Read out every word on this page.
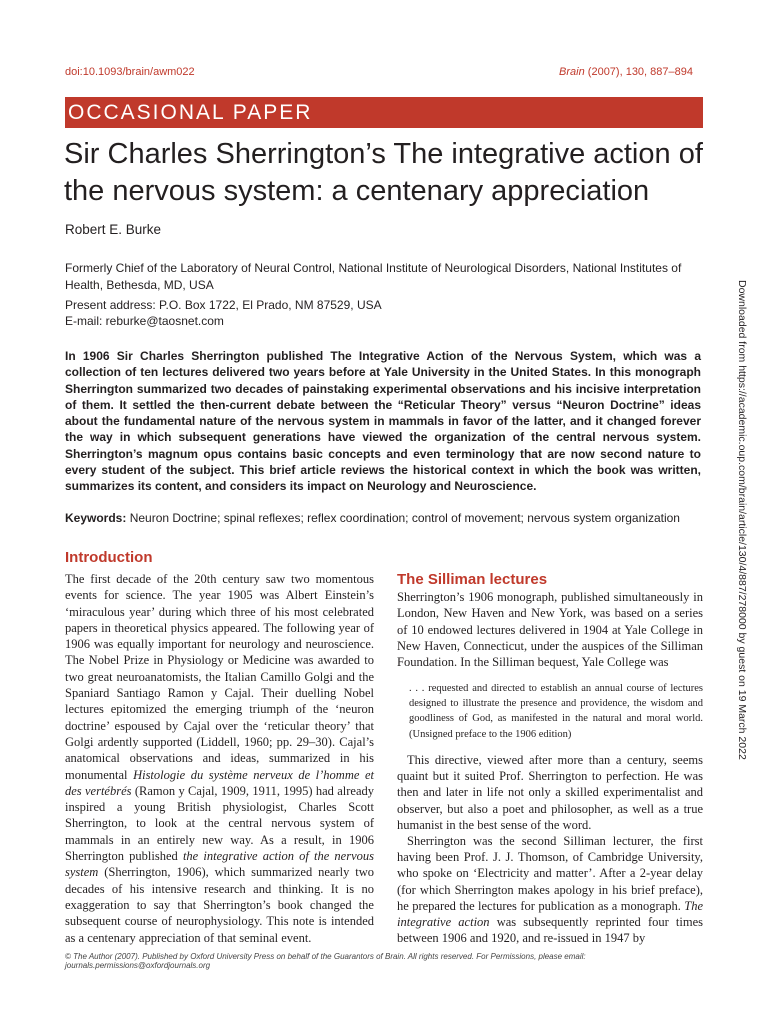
doi:10.1093/brain/awm022	Brain (2007), 130, 887–894
OCCASIONAL PAPER
Sir Charles Sherrington’s The integrative action of the nervous system: a centenary appreciation
Robert E. Burke
Formerly Chief of the Laboratory of Neural Control, National Institute of Neurological Disorders, National Institutes of Health, Bethesda, MD, USA
Present address: P.O. Box 1722, El Prado, NM 87529, USA
E-mail: reburke@taosnet.com
In 1906 Sir Charles Sherrington published The Integrative Action of the Nervous System, which was a collection of ten lectures delivered two years before at Yale University in the United States. In this monograph Sherrington summarized two decades of painstaking experimental observations and his incisive interpretation of them. It settled the then-current debate between the “Reticular Theory” versus “Neuron Doctrine” ideas about the fundamental nature of the nervous system in mammals in favor of the latter, and it changed forever the way in which subsequent generations have viewed the organization of the central nervous system. Sherrington’s magnum opus contains basic concepts and even terminology that are now second nature to every student of the subject. This brief article reviews the historical context in which the book was written, summarizes its content, and considers its impact on Neurology and Neuroscience.
Keywords: Neuron Doctrine; spinal reflexes; reflex coordination; control of movement; nervous system organization
Introduction
The first decade of the 20th century saw two momentous events for science. The year 1905 was Albert Einstein’s ‘miraculous year’ during which three of his most celebrated papers in theoretical physics appeared. The following year of 1906 was equally important for neurology and neuroscience. The Nobel Prize in Physiology or Medicine was awarded to two great neuroanatomists, the Italian Camillo Golgi and the Spaniard Santiago Ramon y Cajal. Their duelling Nobel lectures epitomized the emerging triumph of the ‘neuron doctrine’ espoused by Cajal over the ‘reticular theory’ that Golgi ardently supported (Liddell, 1960; pp. 29–30). Cajal’s anatomical observations and ideas, summarized in his monumental Histologie du système nerveux de l’homme et des vertébrés (Ramon y Cajal, 1909, 1911, 1995) had already inspired a young British physiologist, Charles Scott Sherrington, to look at the central nervous system of mammals in an entirely new way. As a result, in 1906 Sherrington published the integrative action of the nervous system (Sherrington, 1906), which summarized nearly two decades of his intensive research and thinking. It is no exaggeration to say that Sherrington’s book changed the subsequent course of neurophysiology. This note is intended as a centenary appreciation of that seminal event.
The Silliman lectures
Sherrington’s 1906 monograph, published simultaneously in London, New Haven and New York, was based on a series of 10 endowed lectures delivered in 1904 at Yale College in New Haven, Connecticut, under the auspices of the Silliman Foundation. In the Silliman bequest, Yale College was
. . . requested and directed to establish an annual course of lectures designed to illustrate the presence and providence, the wisdom and goodliness of God, as manifested in the natural and moral world. (Unsigned preface to the 1906 edition)

This directive, viewed after more than a century, seems quaint but it suited Prof. Sherrington to perfection. He was then and later in life not only a skilled experimentalist and observer, but also a poet and philosopher, as well as a true humanist in the best sense of the word.

Sherrington was the second Silliman lecturer, the first having been Prof. J. J. Thomson, of Cambridge University, who spoke on ‘Electricity and matter’. After a 2-year delay (for which Sherrington makes apology in his brief preface), he prepared the lectures for publication as a monograph. The integrative action was subsequently reprinted four times between 1906 and 1920, and re-issued in 1947 by

© The Author (2007). Published by Oxford University Press on behalf of the Guarantors of Brain. All rights reserved. For Permissions, please email: journals.permissions@oxfordjournals.org
Downloaded from https://academic.oup.com/brain/article/130/4/887/278000 by guest on 19 March 2022
